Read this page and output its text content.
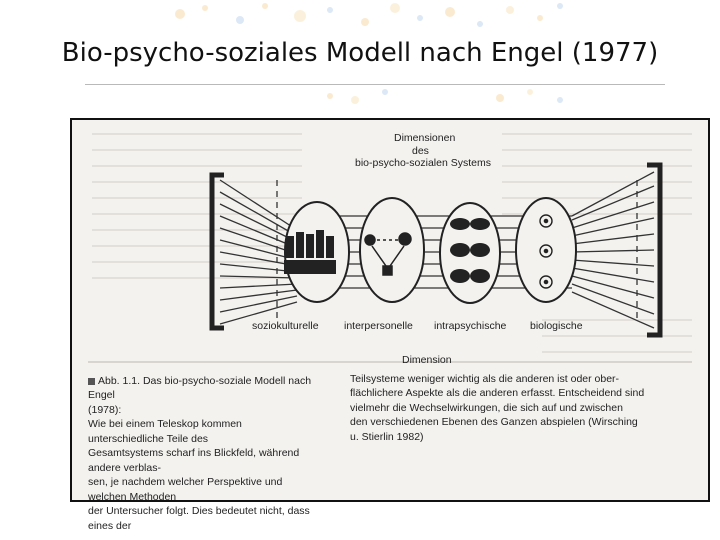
Bio-psycho-soziales Modell nach Engel (1977)
Dimensionen
des
bio-psycho-sozialen Systems
soziokulturelle interpersonelle intrapsychische biologische
Dimension
Abb. 1.1. Das bio-psycho-soziale Modell nach Engel
(1978):
Wie bei einem Teleskop kommen unterschiedliche Teile des
Gesamtsystems scharf ins Blickfeld, während andere verblas-
sen, je nachdem welcher Perspektive und welchen Methoden
der Untersucher folgt. Dies bedeutet nicht, dass eines der
Teilsysteme weniger wichtig als die anderen ist oder ober-
flächlichere Aspekte als die anderen erfasst. Entscheidend sind
vielmehr die Wechselwirkungen, die sich auf und zwischen
den verschiedenen Ebenen des Ganzen abspielen (Wirsching
u. Stierlin 1982)
